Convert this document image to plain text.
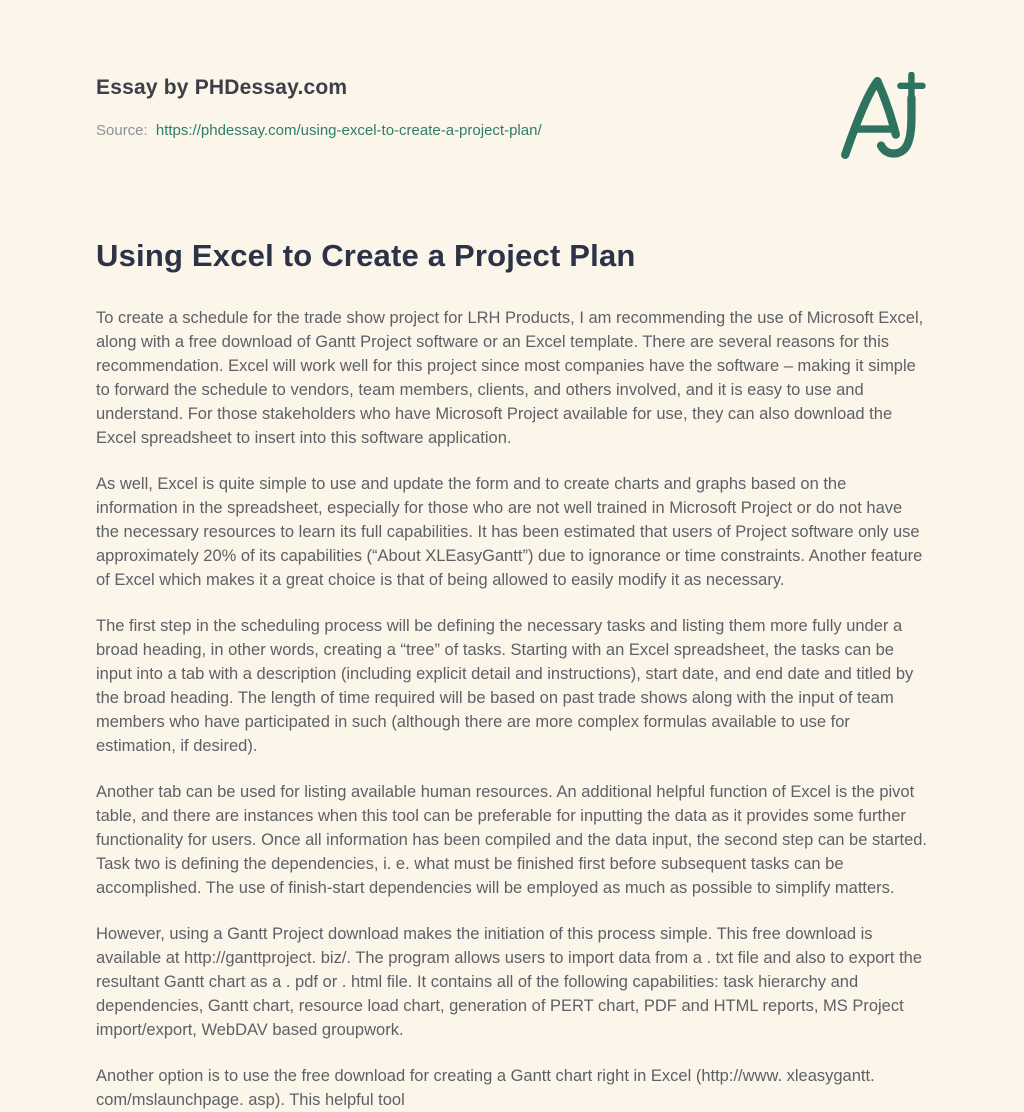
Essay by PHDessay.com
Source: https://phdessay.com/using-excel-to-create-a-project-plan/
Using Excel to Create a Project Plan

To create a schedule for the trade show project for LRH Products, I am recommending the use of Microsoft Excel, along with a free download of Gantt Project software or an Excel template. There are several reasons for this recommendation. Excel will work well for this project since most companies have the software – making it simple to forward the schedule to vendors, team members, clients, and others involved, and it is easy to use and understand. For those stakeholders who have Microsoft Project available for use, they can also download the Excel spreadsheet to insert into this software application.

As well, Excel is quite simple to use and update the form and to create charts and graphs based on the information in the spreadsheet, especially for those who are not well trained in Microsoft Project or do not have the necessary resources to learn its full capabilities. It has been estimated that users of Project software only use approximately 20% of its capabilities (“About XLEasyGantt”) due to ignorance or time constraints. Another feature of Excel which makes it a great choice is that of being allowed to easily modify it as necessary.

The first step in the scheduling process will be defining the necessary tasks and listing them more fully under a broad heading, in other words, creating a “tree” of tasks. Starting with an Excel spreadsheet, the tasks can be input into a tab with a description (including explicit detail and instructions), start date, and end date and titled by the broad heading. The length of time required will be based on past trade shows along with the input of team members who have participated in such (although there are more complex formulas available to use for estimation, if desired).

Another tab can be used for listing available human resources. An additional helpful function of Excel is the pivot table, and there are instances when this tool can be preferable for inputting the data as it provides some further functionality for users. Once all information has been compiled and the data input, the second step can be started. Task two is defining the dependencies, i. e. what must be finished first before subsequent tasks can be accomplished. The use of finish-start dependencies will be employed as much as possible to simplify matters.

However, using a Gantt Project download makes the initiation of this process simple. This free download is available at http://ganttproject. biz/. The program allows users to import data from a . txt file and also to export the resultant Gantt chart as a . pdf or . html file. It contains all of the following capabilities: task hierarchy and dependencies, Gantt chart, resource load chart, generation of PERT chart, PDF and HTML reports, MS Project import/export, WebDAV based groupwork.

Another option is to use the free download for creating a Gantt chart right in Excel (http://www. xleasygantt. com/mslaunchpage. asp). This helpful tool
